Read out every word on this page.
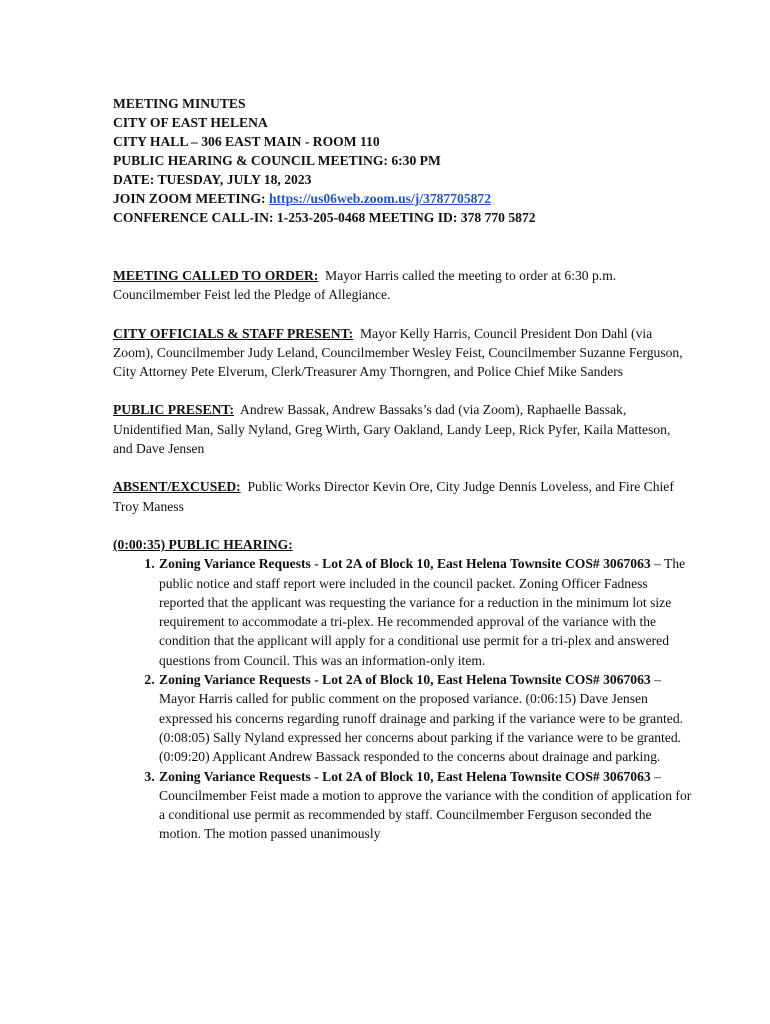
MEETING MINUTES
CITY OF EAST HELENA
CITY HALL – 306 EAST MAIN - ROOM 110
PUBLIC HEARING & COUNCIL MEETING: 6:30 PM
DATE: TUESDAY, JULY 18, 2023
JOIN ZOOM MEETING: https://us06web.zoom.us/j/3787705872
CONFERENCE CALL-IN: 1-253-205-0468 MEETING ID: 378 770 5872

MEETING CALLED TO ORDER: Mayor Harris called the meeting to order at 6:30 p.m. Councilmember Feist led the Pledge of Allegiance.

CITY OFFICIALS & STAFF PRESENT: Mayor Kelly Harris, Council President Don Dahl (via Zoom), Councilmember Judy Leland, Councilmember Wesley Feist, Councilmember Suzanne Ferguson, City Attorney Pete Elverum, Clerk/Treasurer Amy Thorngren, and Police Chief Mike Sanders

PUBLIC PRESENT: Andrew Bassak, Andrew Bassaks’s dad (via Zoom), Raphaelle Bassak, Unidentified Man, Sally Nyland, Greg Wirth, Gary Oakland, Landy Leep, Rick Pyfer, Kaila Matteson, and Dave Jensen

ABSENT/EXCUSED: Public Works Director Kevin Ore, City Judge Dennis Loveless, and Fire Chief Troy Maness

(0:00:35) PUBLIC HEARING:
1. Zoning Variance Requests - Lot 2A of Block 10, East Helena Townsite COS# 3067063 – The public notice and staff report were included in the council packet. Zoning Officer Fadness reported that the applicant was requesting the variance for a reduction in the minimum lot size requirement to accommodate a tri-plex. He recommended approval of the variance with the condition that the applicant will apply for a conditional use permit for a tri-plex and answered questions from Council. This was an information-only item.
2. Zoning Variance Requests - Lot 2A of Block 10, East Helena Townsite COS# 3067063 – Mayor Harris called for public comment on the proposed variance. (0:06:15) Dave Jensen expressed his concerns regarding runoff drainage and parking if the variance were to be granted. (0:08:05) Sally Nyland expressed her concerns about parking if the variance were to be granted. (0:09:20) Applicant Andrew Bassack responded to the concerns about drainage and parking.
3. Zoning Variance Requests - Lot 2A of Block 10, East Helena Townsite COS# 3067063 – Councilmember Feist made a motion to approve the variance with the condition of application for a conditional use permit as recommended by staff. Councilmember Ferguson seconded the motion. The motion passed unanimously
